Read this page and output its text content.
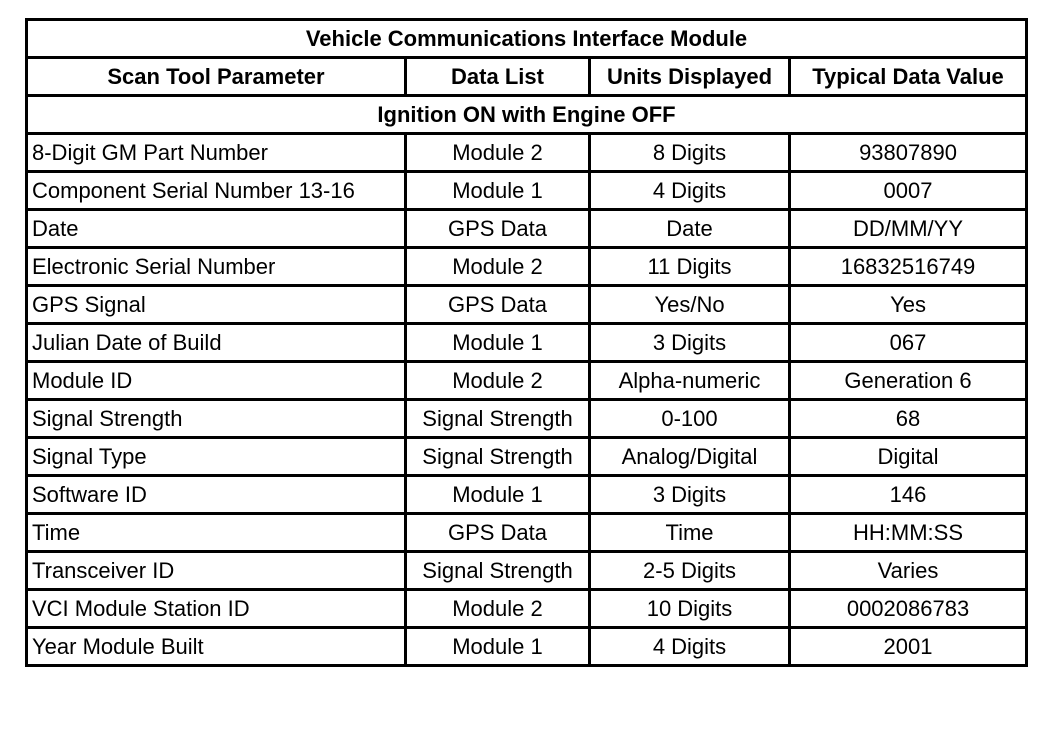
Vehicle Communications Interface Module			
Scan Tool Parameter	Data List	Units Displayed	Typical Data Value
Ignition ON with Engine OFF			
8-Digit GM Part Number	Module 2	8 Digits	93807890
Component Serial Number 13-16	Module 1	4 Digits	0007
Date	GPS Data	Date	DD/MM/YY
Electronic Serial Number	Module 2	11 Digits	16832516749
GPS Signal	GPS Data	Yes/No	Yes
Julian Date of Build	Module 1	3 Digits	067
Module ID	Module 2	Alpha-numeric	Generation 6
Signal Strength	Signal Strength	0-100	68
Signal Type	Signal Strength	Analog/Digital	Digital
Software ID	Module 1	3 Digits	146
Time	GPS Data	Time	HH:MM:SS
Transceiver ID	Signal Strength	2-5 Digits	Varies
VCI Module Station ID	Module 2	10 Digits	0002086783
Year Module Built	Module 1	4 Digits	2001
